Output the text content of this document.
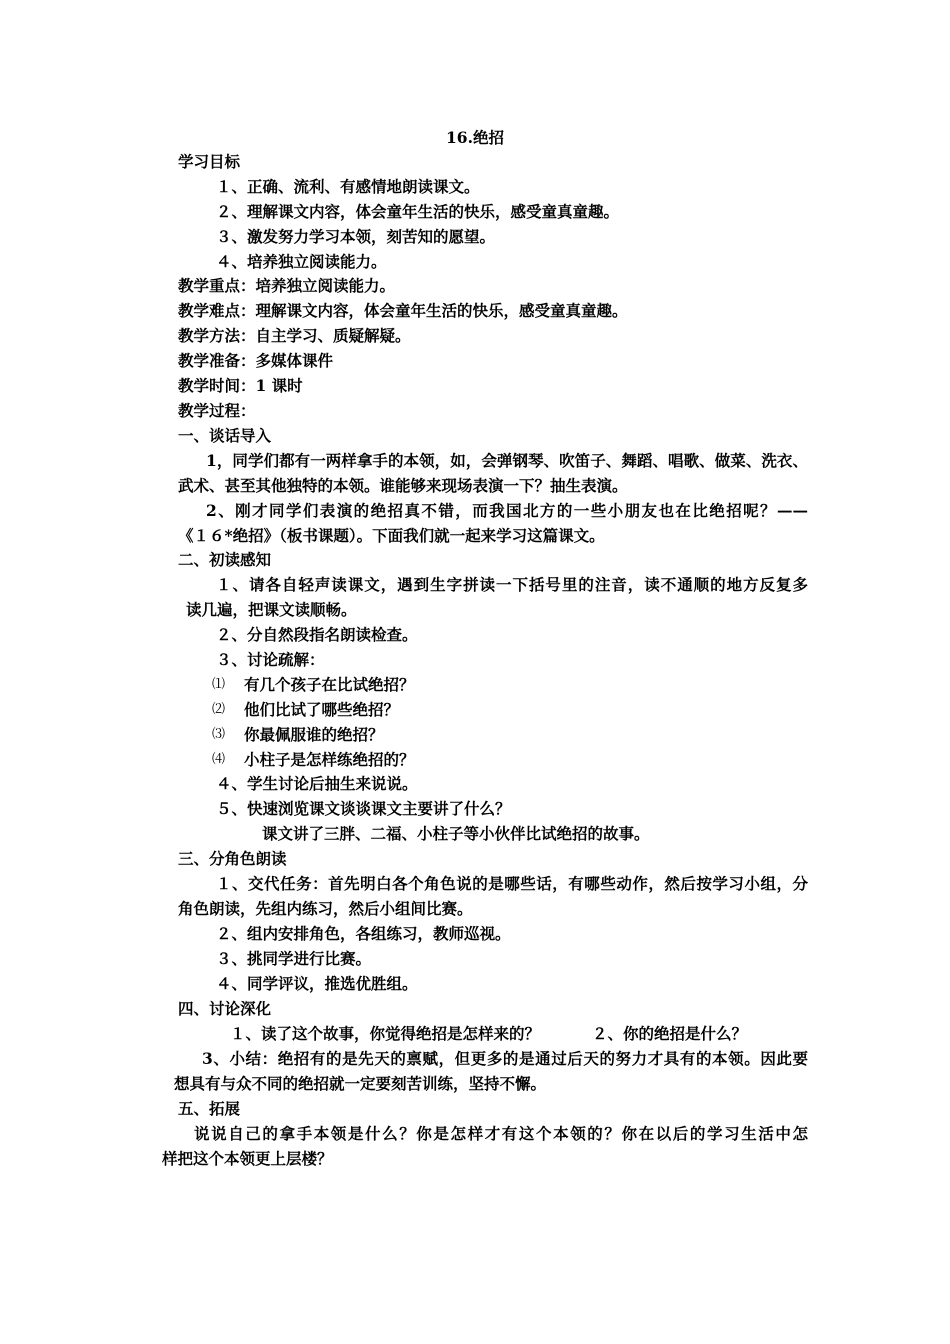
16.绝招
学习目标
１、正确、流利、有感情地朗读课文。
２、理解课文内容，体会童年生活的快乐，感受童真童趣。
３、激发努力学习本领，刻苦知的愿望。
４、培养独立阅读能力。
教学重点：培养独立阅读能力。
教学难点：理解课文内容，体会童年生活的快乐，感受童真童趣。
教学方法：自主学习、质疑解疑。
教学准备：多媒体课件
教学时间：1 课时
教学过程：
一、谈话导入
1，同学们都有一两样拿手的本领，如，会弹钢琴、吹笛子、舞蹈、唱歌、做菜、洗衣、
武术、甚至其他独特的本领。谁能够来现场表演一下？抽生表演。
2、刚才同学们表演的绝招真不错，而我国北方的一些小朋友也在比绝招呢？——
《１６*绝招》（板书课题）。下面我们就一起来学习这篇课文。
二、初读感知
１、请各自轻声读课文，遇到生字拼读一下括号里的注音，读不通顺的地方反复多
读几遍，把课文读顺畅。
２、分自然段指名朗读检查。
３、讨论疏解：
⑴ 有几个孩子在比试绝招？
⑵ 他们比试了哪些绝招？
⑶ 你最佩服谁的绝招？
⑷ 小柱子是怎样练绝招的？
４、学生讨论后抽生来说说。
５、快速浏览课文谈谈课文主要讲了什么？
课文讲了三胖、二福、小柱子等小伙伴比试绝招的故事。
三、分角色朗读
１、交代任务：首先明白各个角色说的是哪些话，有哪些动作，然后按学习小组，分
角色朗读，先组内练习，然后小组间比赛。
２、组内安排角色，各组练习，教师巡视。
３、挑同学进行比赛。
４、同学评议，推选优胜组。
四、讨论深化
１、读了这个故事，你觉得绝招是怎样来的？	２、你的绝招是什么？
3、小结：绝招有的是先天的禀赋，但更多的是通过后天的努力才具有的本领。因此要
想具有与众不同的绝招就一定要刻苦训练，坚持不懈。
五、拓展
说说自己的拿手本领是什么？你是怎样才有这个本领的？你在以后的学习生活中怎
样把这个本领更上层楼？
